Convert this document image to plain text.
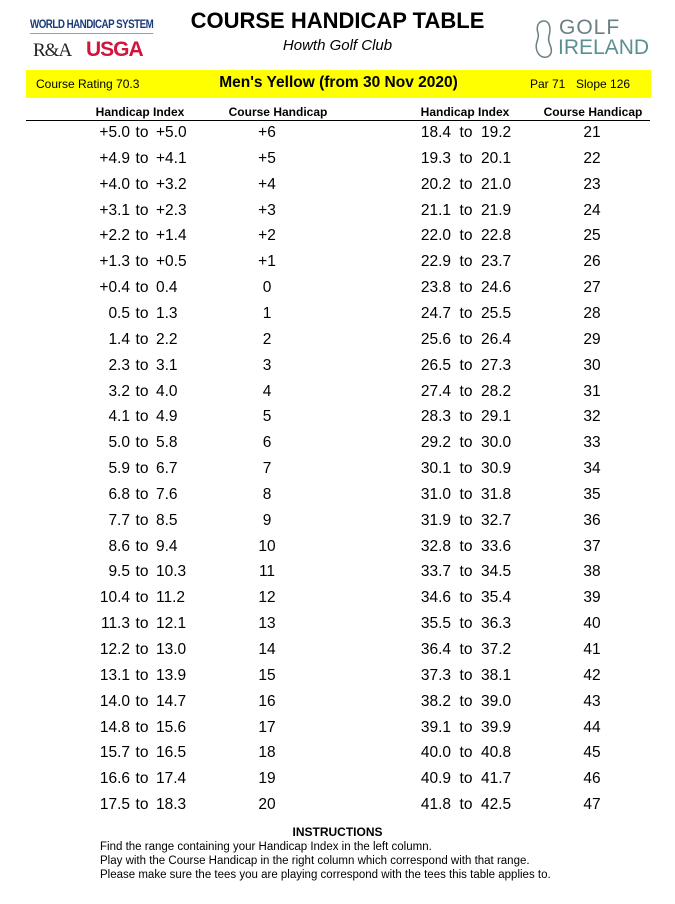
WORLD HANDICAP SYSTEM
R&A USGA
COURSE HANDICAP TABLE
Howth Golf Club
GOLF
IRELAND
Course Rating 70.3	Men's Yellow (from 30 Nov 2020)	Par 71 Slope 126
Handicap Index	Course Handicap	Handicap Index	Course Handicap
+5.0 to +5.0	+6	18.4 to 19.2	21
+4.9 to +4.1	+5	19.3 to 20.1	22
+4.0 to +3.2	+4	20.2 to 21.0	23
+3.1 to +2.3	+3	21.1 to 21.9	24
+2.2 to +1.4	+2	22.0 to 22.8	25
+1.3 to +0.5	+1	22.9 to 23.7	26
+0.4 to 0.4	0	23.8 to 24.6	27
0.5 to 1.3	1	24.7 to 25.5	28
1.4 to 2.2	2	25.6 to 26.4	29
2.3 to 3.1	3	26.5 to 27.3	30
3.2 to 4.0	4	27.4 to 28.2	31
4.1 to 4.9	5	28.3 to 29.1	32
5.0 to 5.8	6	29.2 to 30.0	33
5.9 to 6.7	7	30.1 to 30.9	34
6.8 to 7.6	8	31.0 to 31.8	35
7.7 to 8.5	9	31.9 to 32.7	36
8.6 to 9.4	10	32.8 to 33.6	37
9.5 to 10.3	11	33.7 to 34.5	38
10.4 to 11.2	12	34.6 to 35.4	39
11.3 to 12.1	13	35.5 to 36.3	40
12.2 to 13.0	14	36.4 to 37.2	41
13.1 to 13.9	15	37.3 to 38.1	42
14.0 to 14.7	16	38.2 to 39.0	43
14.8 to 15.6	17	39.1 to 39.9	44
15.7 to 16.5	18	40.0 to 40.8	45
16.6 to 17.4	19	40.9 to 41.7	46
17.5 to 18.3	20	41.8 to 42.5	47
INSTRUCTIONS
Find the range containing your Handicap Index in the left column.
Play with the Course Handicap in the right column which correspond with that range.
Please make sure the tees you are playing correspond with the tees this table applies to.
